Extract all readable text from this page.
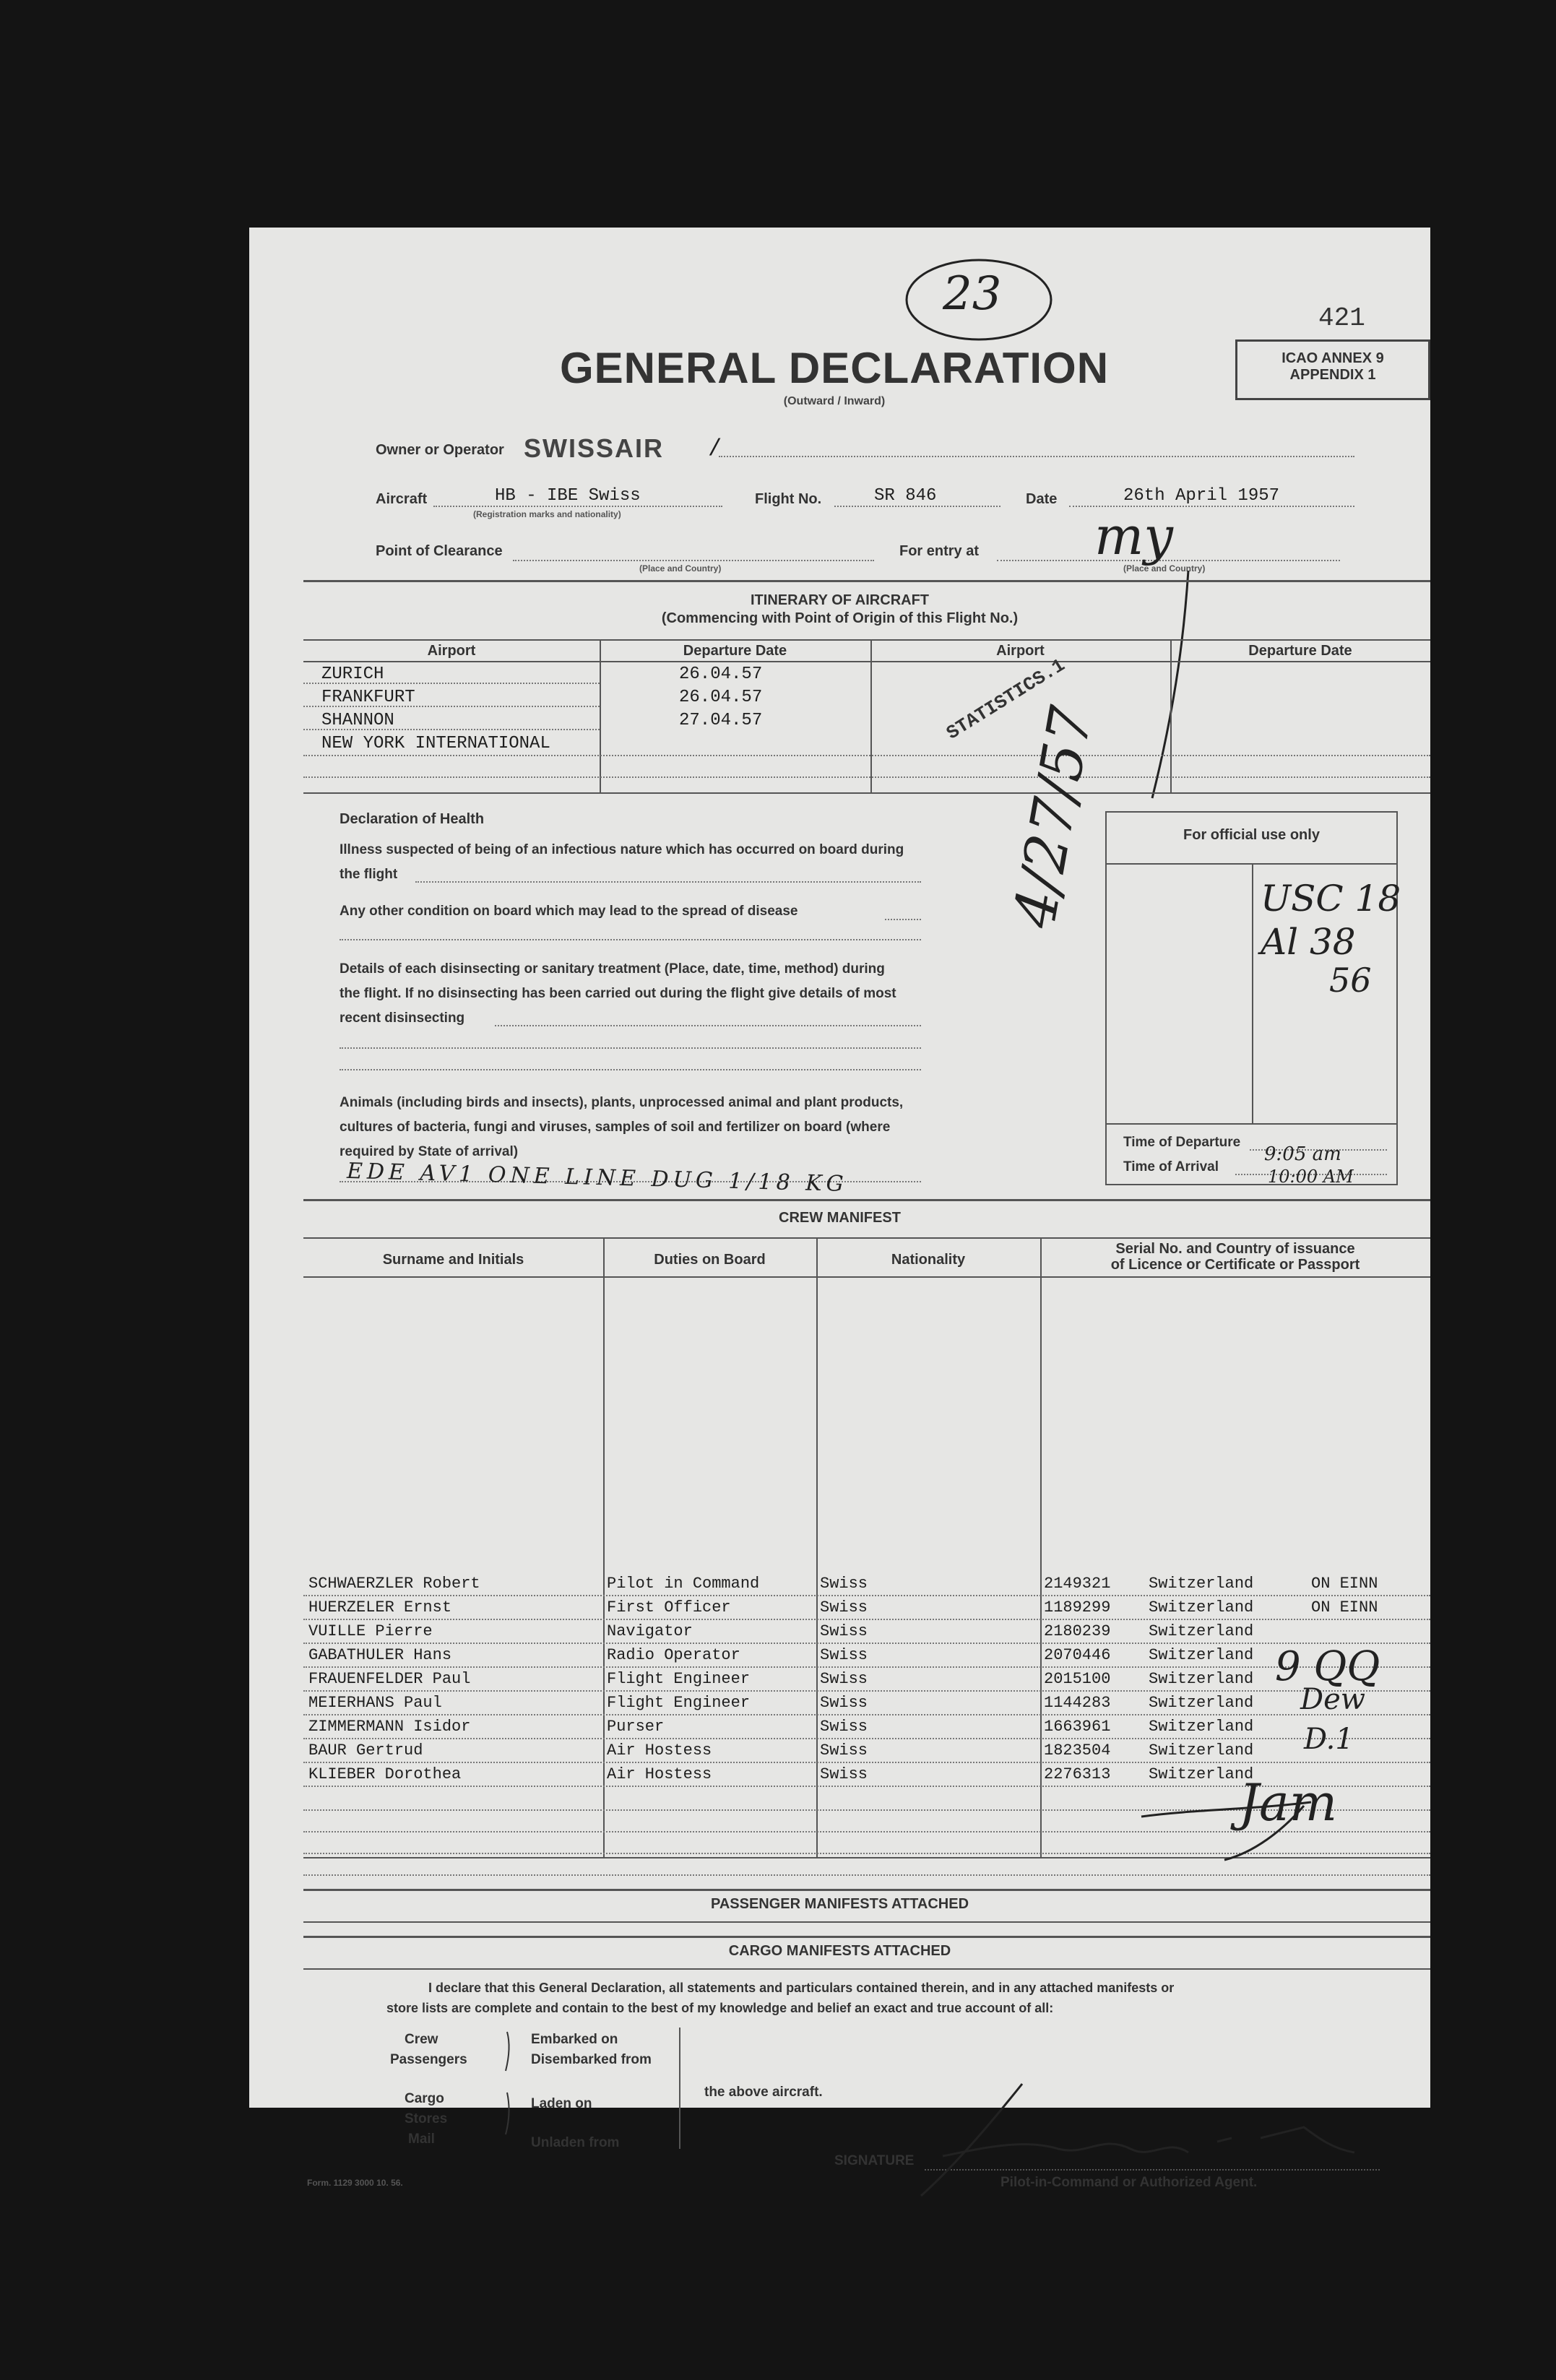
421
23
GENERAL DECLARATION
(Outward / Inward)
ICAO ANNEX 9
APPENDIX 1
Owner or Operator SWISSAIR /
Aircraft	HB - IBE Swiss
(Registration marks and nationality)
Flight No.	SR 846	Date	26th April 1957
Point of Clearance
(Place and Country)
For entry at
(Place and Country)
my
ITINERARY OF AIRCRAFT
(Commencing with Point of Origin of this Flight No.)
Airport	Departure Date	Airport	Departure Date
ZURICH	26.04.57
FRANKFURT	26.04.57
SHANNON	27.04.57
NEW YORK INTERNATIONAL	STATISTICS.1
Declaration of Health
Illness suspected of being of an infectious nature which has occurred on board during
the flight
Any other condition on board which may lead to the spread of disease
Details of each disinsecting or sanitary treatment (Place, date, time, method) during
the flight. If no disinsecting has been carried out during the flight give details of most
recent disinsecting
Animals (including birds and insects), plants, unprocessed animal and plant products,
cultures of bacteria, fungi and viruses, samples of soil and fertilizer on board (where
required by State of arrival)
EDE AV1 ONE LINE DUG 1/18 KG
For official use only
4/27/57	USC 18
Al 38
56
Time of Departure
Time of Arrival
9:05 am
10:00 AM
CREW MANIFEST
Surname and Initials	Duties on Board	Nationality
Serial No. and Country of issuance
of Licence or Certificate or Passport
SCHWAERZLER Robert	Pilot in Command	Swiss	2149321 Switzerland	ON EINN
HUERZELER Ernst	First Officer	Swiss	1189299 Switzerland	ON EINN
VUILLE Pierre	Navigator	Swiss	2180239 Switzerland
GABATHULER Hans	Radio Operator	Swiss	2070446 Switzerland
FRAUENFELDER Paul	Flight Engineer	Swiss	2015100 Switzerland
MEIERHANS Paul	Flight Engineer	Swiss	1144283 Switzerland
ZIMMERMANN Isidor	Purser	Swiss	1663961 Switzerland
BAUR Gertrud	Air Hostess	Swiss	1823504 Switzerland
KLIEBER Dorothea	Air Hostess	Swiss	2276313 Switzerland
9 QQ
Dew
D.1
Jam
PASSENGER MANIFESTS ATTACHED
CARGO MANIFESTS ATTACHED
I declare that this General Declaration, all statements and particulars contained therein, and in any attached manifests or
store lists are complete and contain to the best of my knowledge and belief an exact and true account of all:
Crew
Passengers
Embarked on
Disembarked from
Cargo
Stores
Mail
Laden on
Unladen from
the above aircraft.
SIGNATURE
Pilot-in-Command or Authorized Agent.
Form. 1129 3000 10. 56.
